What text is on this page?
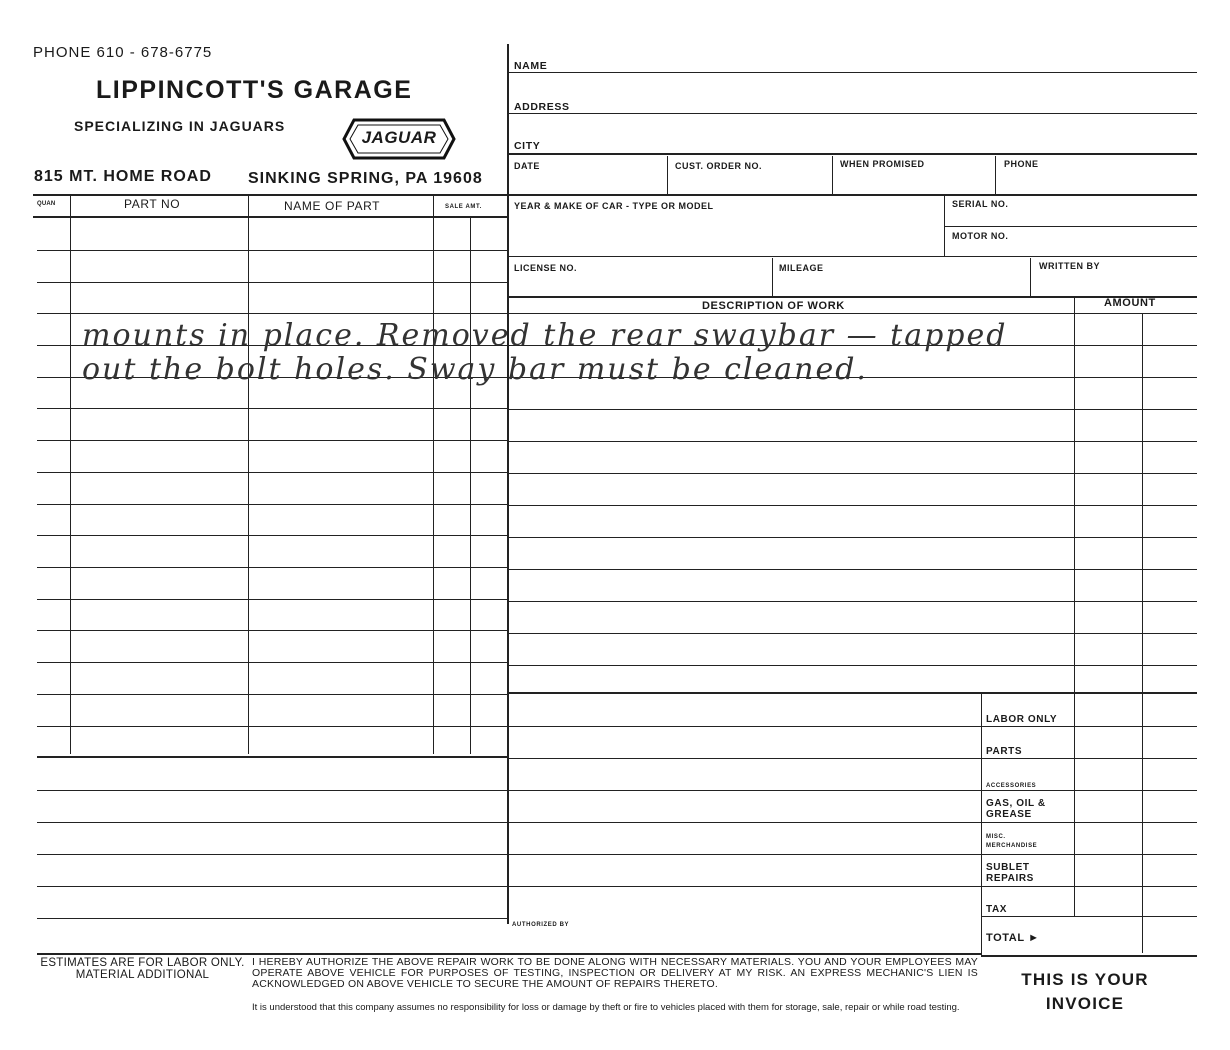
PHONE 610 - 678-6775
LIPPINCOTT'S GARAGE
SPECIALIZING IN JAGUARS
JAGUAR
815 MT. HOME ROAD SINKING SPRING, PA 19608
NAME
ADDRESS
CITY
DATE	CUST. ORDER NO.	WHEN PROMISED	PHONE
YEAR & MAKE OF CAR - TYPE OR MODEL	SERIAL NO.
MOTOR NO.
LICENSE NO.	MILEAGE	WRITTEN BY
DESCRIPTION OF WORK	AMOUNT
QUAN	PART NO	NAME OF PART	SALE AMT.
LABOR ONLY
PARTS
ACCESSORIES
GAS, OIL & GREASE
MISC. MERCHANDISE
SUBLET REPAIRS
TAX
TOTAL ►
AUTHORIZED BY
mounts in place. Removed the rear swaybar — tapped
out the bolt holes. Sway bar must be cleaned.
ESTIMATES ARE FOR LABOR ONLY. MATERIAL ADDITIONAL
I HEREBY AUTHORIZE THE ABOVE REPAIR WORK TO BE DONE ALONG WITH NECESSARY MATERIALS. YOU AND YOUR EMPLOYEES MAY OPERATE ABOVE VEHICLE FOR PURPOSES OF TESTING, INSPECTION OR DELIVERY AT MY RISK. AN EXPRESS MECHANIC'S LIEN IS ACKNOWLEDGED ON ABOVE VEHICLE TO SECURE THE AMOUNT OF REPAIRS THERETO.
It is understood that this company assumes no responsibility for loss or damage by theft or fire to vehicles placed with them for storage, sale, repair or while road testing.
THIS IS YOUR INVOICE
